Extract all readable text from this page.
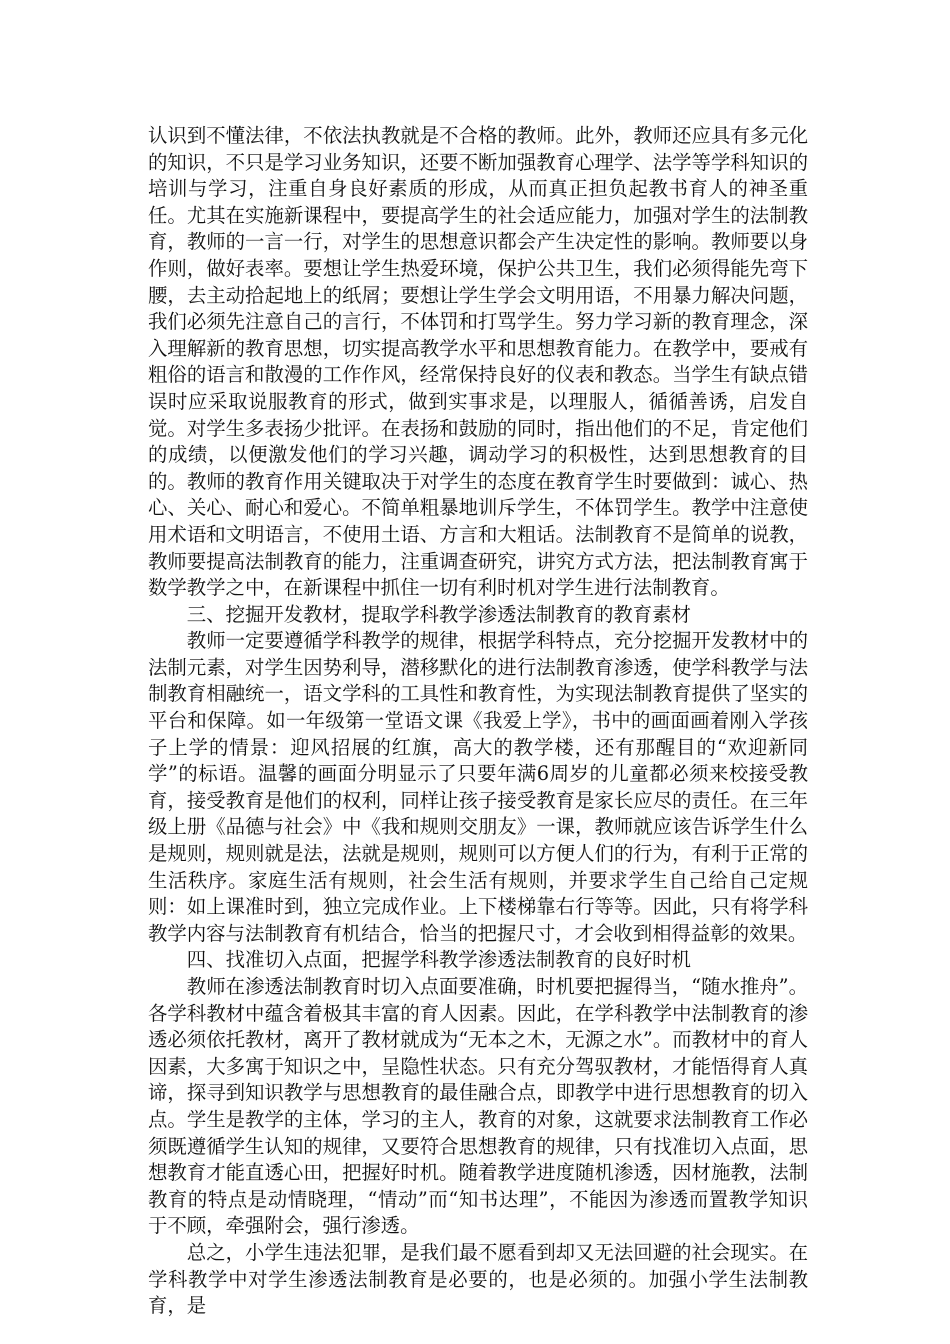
认识到不懂法律，不依法执教就是不合格的教师。此外，教师还应具有多元化的知识，不只是学习业务知识，还要不断加强教育心理学、法学等学科知识的培训与学习，注重自身良好素质的形成，从而真正担负起教书育人的神圣重任。尤其在实施新课程中，要提高学生的社会适应能力，加强对学生的法制教育，教师的一言一行，对学生的思想意识都会产生决定性的影响。教师要以身作则，做好表率。要想让学生热爱环境，保护公共卫生，我们必须得能先弯下腰，去主动拾起地上的纸屑；要想让学生学会文明用语，不用暴力解决问题，我们必须先注意自己的言行，不体罚和打骂学生。努力学习新的教育理念，深入理解新的教育思想，切实提高教学水平和思想教育能力。在教学中，要戒有粗俗的语言和散漫的工作作风，经常保持良好的仪表和教态。当学生有缺点错误时应采取说服教育的形式，做到实事求是，以理服人，循循善诱，启发自觉。对学生多表扬少批评。在表扬和鼓励的同时，指出他们的不足，肯定他们的成绩，以便激发他们的学习兴趣，调动学习的积极性，达到思想教育的目的。教师的教育作用关键取决于对学生的态度在教育学生时要做到：诚心、热心、关心、耐心和爱心。不简单粗暴地训斥学生，不体罚学生。教学中注意使用术语和文明语言，不使用土语、方言和大粗话。法制教育不是简单的说教，教师要提高法制教育的能力，注重调查研究，讲究方式方法，把法制教育寓于数学教学之中，在新课程中抓住一切有利时机对学生进行法制教育。

三、挖掘开发教材，提取学科教学渗透法制教育的教育素材

教师一定要遵循学科教学的规律，根据学科特点，充分挖掘开发教材中的法制元素，对学生因势利导，潜移默化的进行法制教育渗透，使学科教学与法制教育相融统一，语文学科的工具性和教育性，为实现法制教育提供了坚实的平台和保障。如一年级第一堂语文课《我爱上学》，书中的画面画着刚入学孩子上学的情景：迎风招展的红旗，高大的教学楼，还有那醒目的“欢迎新同学”的标语。温馨的画面分明显示了只要年满6周岁的儿童都必须来校接受教育，接受教育是他们的权利，同样让孩子接受教育是家长应尽的责任。在三年级上册《品德与社会》中《我和规则交朋友》一课，教师就应该告诉学生什么是规则，规则就是法，法就是规则，规则可以方便人们的行为，有利于正常的生活秩序。家庭生活有规则，社会生活有规则，并要求学生自己给自己定规则：如上课准时到，独立完成作业。上下楼梯靠右行等等。因此，只有将学科教学内容与法制教育有机结合，恰当的把握尺寸，才会收到相得益彰的效果。

四、找准切入点面，把握学科教学渗透法制教育的良好时机

教师在渗透法制教育时切入点面要准确，时机要把握得当，“随水推舟”。各学科教材中蕴含着极其丰富的育人因素。因此，在学科教学中法制教育的渗透必须依托教材，离开了教材就成为“无本之木，无源之水”。而教材中的育人因素，大多寓于知识之中，呈隐性状态。只有充分驾驭教材，才能悟得育人真谛，探寻到知识教学与思想教育的最佳融合点，即教学中进行思想教育的切入点。学生是教学的主体，学习的主人，教育的对象，这就要求法制教育工作必须既遵循学生认知的规律，又要符合思想教育的规律，只有找准切入点面，思想教育才能直透心田，把握好时机。随着教学进度随机渗透，因材施教，法制教育的特点是动情晓理，“情动”而“知书达理”，不能因为渗透而置教学知识于不顾，牵强附会，强行渗透。

总之，小学生违法犯罪，是我们最不愿看到却又无法回避的社会现实。在学科教学中对学生渗透法制教育是必要的，也是必须的。加强小学生法制教育，是
